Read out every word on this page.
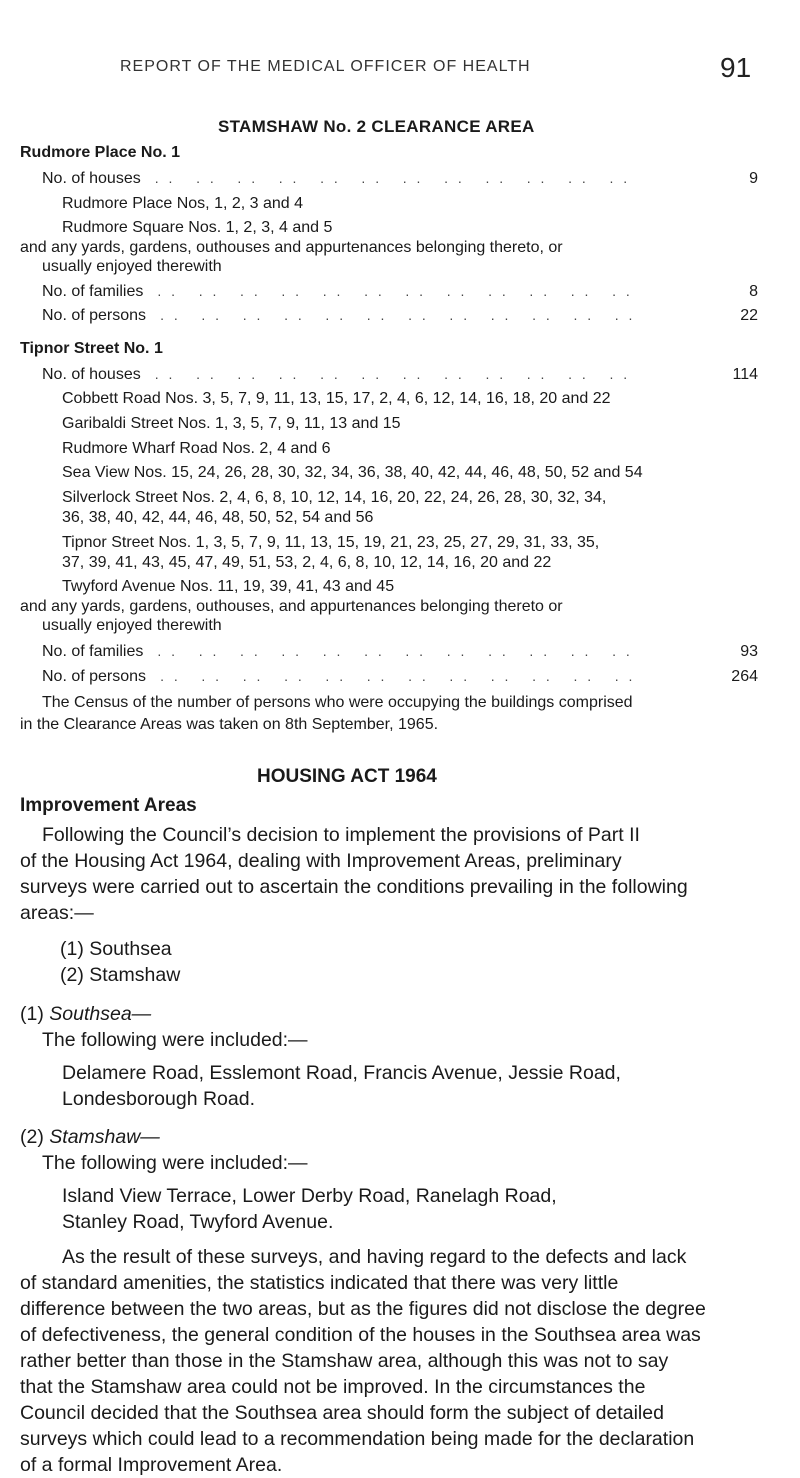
REPORT OF THE MEDICAL OFFICER OF HEALTH	91
STAMSHAW No. 2 CLEARANCE AREA
Rudmore Place No. 1
No. of houses	. .   . .   . .   . .   . .   . .   . .   . .   . .   . .   . .   . .	9
Rudmore Place Nos, 1, 2, 3 and 4
Rudmore Square Nos. 1, 2, 3, 4 and 5
and any yards, gardens, outhouses and appurtenances belonging thereto, or
usually enjoyed therewith
No. of families	. .   . .   . .   . .   . .   . .   . .   . .   . .   . .   . .   . .	8
No. of persons	. .   . .   . .   . .   . .   . .   . .   . .   . .   . .   . .   . .	22
Tipnor Street No. 1
No. of houses	. .   . .   . .   . .   . .   . .   . .   . .   . .   . .   . .   . .	114
Cobbett Road Nos. 3, 5, 7, 9, 11, 13, 15, 17, 2, 4, 6, 12, 14, 16, 18, 20 and 22
Garibaldi Street Nos. 1, 3, 5, 7, 9, 11, 13 and 15
Rudmore Wharf Road Nos. 2, 4 and 6
Sea View Nos. 15, 24, 26, 28, 30, 32, 34, 36, 38, 40, 42, 44, 46, 48, 50, 52 and 54
Silverlock Street Nos. 2, 4, 6, 8, 10, 12, 14, 16, 20, 22, 24, 26, 28, 30, 32, 34,
36, 38, 40, 42, 44, 46, 48, 50, 52, 54 and 56
Tipnor Street Nos. 1, 3, 5, 7, 9, 11, 13, 15, 19, 21, 23, 25, 27, 29, 31, 33, 35,
37, 39, 41, 43, 45, 47, 49, 51, 53, 2, 4, 6, 8, 10, 12, 14, 16, 20 and 22
Twyford Avenue Nos. 11, 19, 39, 41, 43 and 45
and any yards, gardens, outhouses, and appurtenances belonging thereto or
usually enjoyed therewith
No. of families	. .   . .   . .   . .   . .   . .   . .   . .   . .   . .   . .   . .	93
No. of persons	. .   . .   . .   . .   . .   . .   . .   . .   . .   . .   . .   . .	264
The Census of the number of persons who were occupying the buildings comprised
in the Clearance Areas was taken on 8th September, 1965.
HOUSING ACT 1964
Improvement Areas
Following the Council’s decision to implement the provisions of Part II
of the Housing Act 1964, dealing with Improvement Areas, preliminary
surveys were carried out to ascertain the conditions prevailing in the following
areas:—
(1) Southsea
(2) Stamshaw
(1) Southsea—
The following were included:—
Delamere Road, Esslemont Road, Francis Avenue, Jessie Road,
Londesborough Road.
(2) Stamshaw—
The following were included:—
Island View Terrace, Lower Derby Road, Ranelagh Road,
Stanley Road, Twyford Avenue.
As the result of these surveys, and having regard to the defects and lack
of standard amenities, the statistics indicated that there was very little
difference between the two areas, but as the figures did not disclose the degree
of defectiveness, the general condition of the houses in the Southsea area was
rather better than those in the Stamshaw area, although this was not to say
that the Stamshaw area could not be improved. In the circumstances the
Council decided that the Southsea area should form the subject of detailed
surveys which could lead to a recommendation being made for the declaration
of a formal Improvement Area.
